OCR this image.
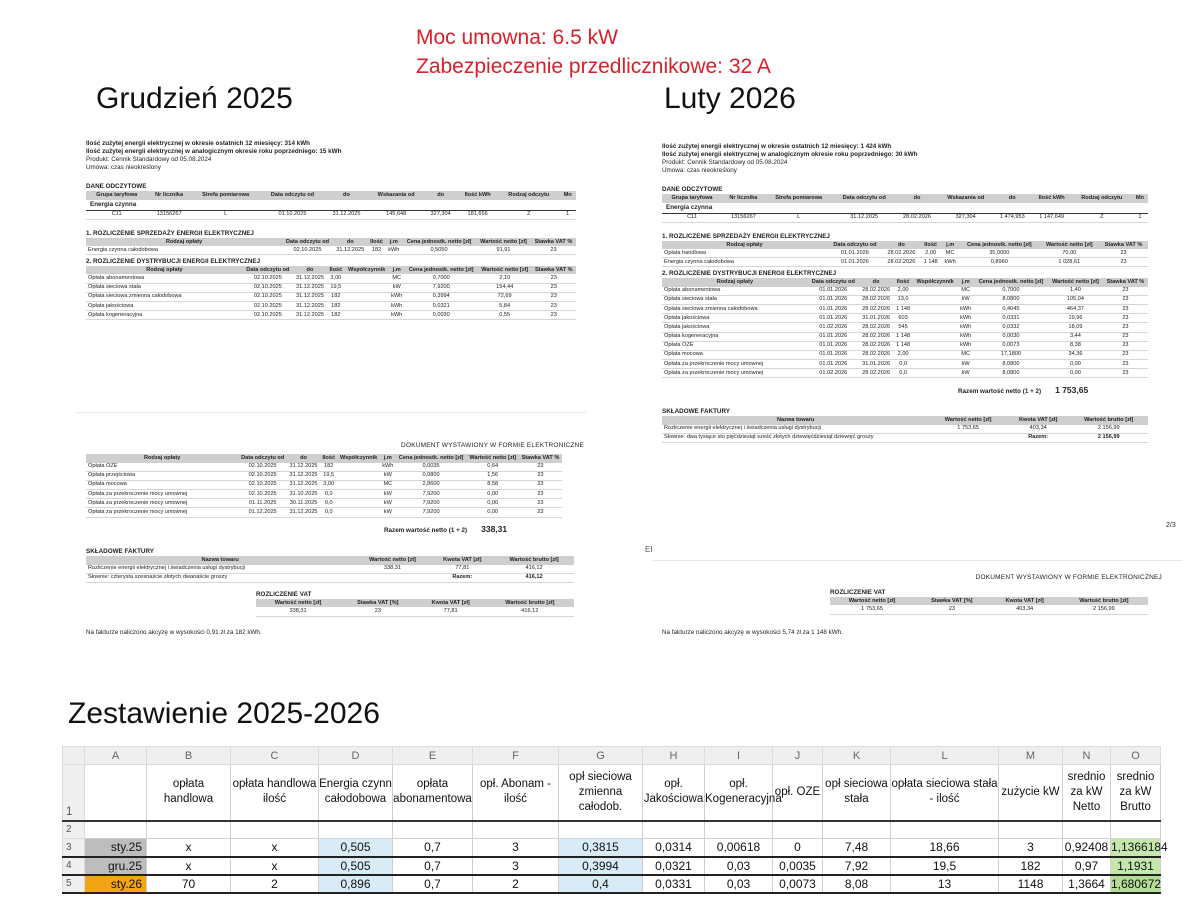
Moc umowna: 6.5 kW
Zabezpieczenie przedlicznikowe: 32 A
Grudzień 2025	Luty 2026
Ilość zużytej energii elektrycznej w okresie ostatnich 12 miesięcy: 314 kWh
Ilość zużytej energii elektrycznej w analogicznym okresie roku poprzedniego: 15 kWh
Produkt: Cennik Standardowy od 05.08.2024
Umowa: czas nieokreślony
DANE ODCZYTOWE
Grupa taryfowa	Nr licznika	Strefa pomiarowa	Data odczytu od	do	Wskazania od	do	Ilość kWh	Rodzaj odczytu	Mn
Energia czynna									
C11	13156267	L	01.10.2025	31.12.2025	145,648	327,304	181,656	Z	1
1. ROZLICZENIE SPRZEDAŻY ENERGII ELEKTRYCZNEJ
Rodzaj opłaty	Data odczytu od	do	Ilość	j.m	Cena jednostk. netto [zł]	Wartość netto [zł]	Stawka VAT %
Energia czynna całodobowa	02.10.2025	31.12.2025	182	kWh	0,5050	91,91	23
2. ROZLICZENIE DYSTRYBUCJI ENERGII ELEKTRYCZNEJ
Rodzaj opłaty	Data odczytu od	do	Ilość	Współczynnik	j.m	Cena jednostk. netto [zł]	Wartość netto [zł]	Stawka VAT %
Opłata abonamentowa	02.10.2025	31.12.2025	3,00		MC	0,7000	2,10	23
Opłata sieciowa stała	02.10.2025	31.12.2025	19,5		kW	7,9200	154,44	23
Opłata sieciowa zmienna całodobowa	02.10.2025	31.12.2025	182		kWh	0,3994	72,69	23
Opłata jakościowa	02.10.2025	31.12.2025	182		kWh	0,0321	5,84	23
Opłata kogeneracyjna	02.10.2025	31.12.2025	182		kWh	0,0030	0,55	23
DOKUMENT WYSTAWIONY W FORMIE ELEKTRONICZNE
Rodzaj opłaty	Data odczytu od	do	Ilość	Współczynnik	j.m	Cena jednostk. netto [zł]	Wartość netto [zł]	Stawka VAT %
Opłata OZE	02.10.2025	31.12.2025	182		kWh	0,0035	0,64	23
Opłata przejściowa	02.10.2025	31.12.2025	19,5		kW	0,0800	1,56	23
Opłata mocowa	02.10.2025	31.12.2025	3,00		MC	2,8600	8,58	23
Opłata za przekroczenie mocy umownej	02.10.2025	31.10.2025	0,0		kW	7,9200	0,00	23
Opłata za przekroczenie mocy umownej	01.11.2025	30.11.2025	0,0		kW	7,9200	0,00	23
Opłata za przekroczenie mocy umownej	01.12.2025	31.12.2025	0,0		kW	7,9200	0,00	23
Razem wartość netto (1 + 2) 338,31
SKŁADOWE FAKTURY
Nazwa towaru	Wartość netto [zł]	Kwota VAT [zł]	Wartość brutto [zł]
Rozliczenie energii elektrycznej i świadczenia usługi dystrybucji	338,31	77,81	416,12
Słownie: czterysta szesnaście złotych dwanaście groszy		Razem:	416,12
ROZLICZENIE VAT
Wartość netto [zł]	Stawka VAT [%]	Kwota VAT [zł]	Wartość brutto [zł]
338,31	23	77,81	416,12
Na fakturze naliczono akcyzę w wysokości 0,91 zł za 182 kWh.
Ilość zużytej energii elektrycznej w okresie ostatnich 12 miesięcy: 1 424 kWh
Ilość zużytej energii elektrycznej w analogicznym okresie roku poprzedniego: 30 kWh
Produkt: Cennik Standardowy od 05.08.2024
Umowa: czas nieokreślony
DANE ODCZYTOWE
Grupa taryfowa	Nr licznika	Strefa pomiarowa	Data odczytu od	do	Wskazania od	do	Ilość kWh	Rodzaj odczytu	Mn
Energia czynna									
C11	13156267	L	31.12.2025	28.02.2026	327,304	1 474,953	1 147,649	Z	1
1. ROZLICZENIE SPRZEDAŻY ENERGII ELEKTRYCZNEJ
Rodzaj opłaty	Data odczytu od	do	Ilość	j.m	Cena jednostk. netto [zł]	Wartość netto [zł]	Stawka VAT %
Opłata handlowa	01.01.2026	28.02.2026	2,00	MC	35,0000	70,00	23
Energia czynna całodobowa	01.01.2026	28.02.2026	1 148	kWh	0,8960	1 028,61	23
2. ROZLICZENIE DYSTRYBUCJI ENERGII ELEKTRYCZNEJ
Rodzaj opłaty	Data odczytu od	do	Ilość	Współczynnik	j.m	Cena jednostk. netto [zł]	Wartość netto [zł]	Stawka VAT %
Opłata abonamentowa	01.01.2026	28.02.2026	2,00		MC	0,7000	1,40	23
Opłata sieciowa stała	01.01.2026	28.02.2026	13,0		kW	8,0800	105,04	23
Opłata sieciowa zmienna całodobowa	01.01.2026	28.02.2026	1 148		kWh	0,4045	464,37	23
Opłata jakościowa	01.01.2026	31.01.2026	603		kWh	0,0331	19,96	23
Opłata jakościowa	01.02.2026	28.02.2026	545		kWh	0,0332	18,09	23
Opłata kogeneracyjna	01.01.2026	28.02.2026	1 148		kWh	0,0030	3,44	23
Opłata OZE	01.01.2026	28.02.2026	1 148		kWh	0,0073	8,38	23
Opłata mocowa	01.01.2026	28.02.2026	2,00		MC	17,1800	34,36	23
Opłata za przekroczenie mocy umownej	01.01.2026	31.01.2026	0,0		kW	8,0800	0,00	23
Opłata za przekroczenie mocy umownej	01.02.2026	28.02.2026	0,0		kW	8,0800	0,00	23
Razem wartość netto (1 + 2) 1 753,65
SKŁADOWE FAKTURY
Nazwa towaru	Wartość netto [zł]	Kwota VAT [zł]	Wartość brutto [zł]
Rozliczenie energii elektrycznej i świadczenia usługi dystrybucji	1 753,65	403,34	2 156,99
Słownie: dwa tysiące sto pięćdziesiąt sześć złotych dziewięćdziesiąt dziewięć groszy		Razem:	2 156,99
2/3
EI
DOKUMENT WYSTAWIONY W FORMIE ELEKTRONICZNEJ
ROZLICZENIE VAT
Wartość netto [zł]	Stawka VAT [%]	Kwota VAT [zł]	Wartość brutto [zł]
1 753,65	23	403,34	2 156,99
Na fakturze naliczono akcyzę w wysokości 5,74 zł za 1 148 kWh.
Zestawienie 2025-2026
	A	B	C	D	E	F	G	H	I	J	K	L	M	N	O
1		opłata handlowa	opłata handlowa ilość	Energia czynn całodobowa	opłata abonamentowa	opł. Abonam - ilość	opł sieciowa zmienna całodob.	opł. Jakościowa	opł. Kogeneracyjna	opł. OZE	opł sieciowa stała	opłata sieciowa stała - ilość	zużycie kW	srednio za kW Netto	srednio za kW Brutto
2															
3	sty.25	x	x	0,505	0,7	3	0,3815	0,0314	0,00618	0	7,48	18,66	3	0,92408	1,1366184
4	gru.25	x	x	0,505	0,7	3	0,3994	0,0321	0,03	0,0035	7,92	19,5	182	0,97	1,1931
5	sty.26	70	2	0,896	0,7	2	0,4	0,0331	0,03	0,0073	8,08	13	1148	1,3664	1,680672
